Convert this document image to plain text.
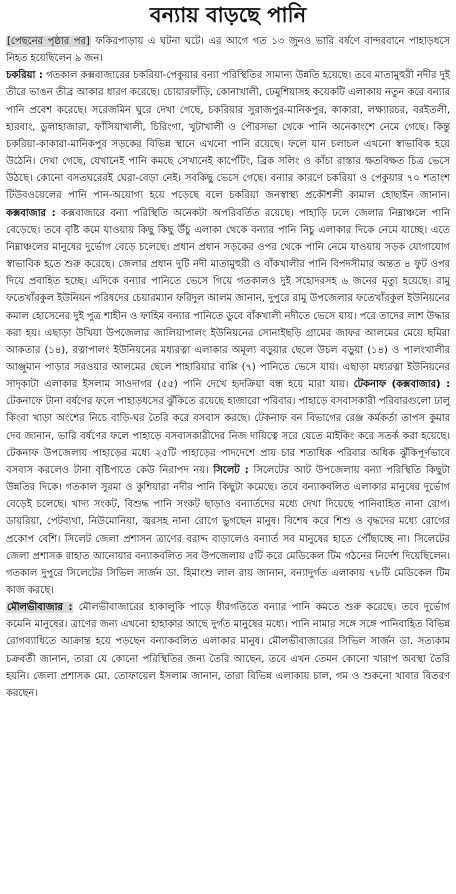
বন্যায় বাড়ছে পানি
[পেছনের পৃষ্ঠার পর] ফকিরপাড়ায় এ ঘটনা ঘটে। এর আগে গত ১৩ জুনও ভারি বর্ষণে বান্দরবানে পাহাড়ধসে নিহত হয়েছিলেন ৯ জন।
চকরিয়া : গতকাল কক্সবাজারের চকরিয়া-পেকুয়ার বন্যা পরিস্থিতির সামান্য উন্নতি হয়েছে। তবে মাতামুহুরী নদীর দুই তীরে ভাঙন তীব্র আকার ধারণ করেছে। চোয়ারফাঁড়ি, কোনাখালী, ঢেমুশিয়াসহ কয়েকটি এলাকায় নতুন করে বন্যার পানি প্রবেশ করেছে। সরেজমিন ঘুরে দেখা গেছে, চকরিয়ার সুরাজপুর-মানিকপুর, কাকারা, লক্ষ্যারচর, বরইতলী, হারবাং, ডুলাহাজারা, ফাঁসিয়াখালী, চিরিংগা, খুটাখালী ও পৌরসভা থেকে পানি অনেকাংশে নেমে গেছে। কিন্তু চকরিয়া-কাকারা-মানিকপুর সড়কের বিভিন্ন স্থানে এখনো পানি রয়েছে। ফলে যান চলাচল এখনো স্বাভাবিক হয়ে উঠেনি। দেখা গেছে, যেখানেই পানি কমছে সেখানেই কার্পেটিং, ব্রিক সলিং ও কাঁচা রাস্তার ক্ষতবিক্ষত চিত্র ভেসে উঠছে। কোনো বসতঘরেরই ঘেরা-বেড়া নেই। সবকিছু ভেসে গেছে। বন্যার কারণে চকরিয়া ও পেকুয়ার ৭০ শতাংশ টিউবওয়েলের পানি পান-অযোগ্য হয়ে পড়েছে বলে চকরিয়া জনস্বাস্থ্য প্রকৌশলী কামাল হোছাইন জানান। কক্সবাজার : কক্সবাজারে বন্যা পরিস্থিতি অনেকটা অপরিবর্তিত রয়েছে। পাহাড়ি ঢলে জেলার নিম্নাঞ্চলে পানি বেড়েছে। তবে বৃষ্টি কমে যাওয়ায় কিছু কিছু উঁচু এলাকা থেকে বন্যার পানি নিচু এলাকার দিকে নেমে যাচ্ছে। এতে নিম্নাঞ্চলের মানুষের দুর্ভোগ বেড়ে চলেছে। প্রধান প্রধান সড়কের ওপর থেকে পানি নেমে যাওয়ায় সড়ক যোগাযোগ স্বাভাবিক হতে শুরু করেছে। জেলার প্রধান দুটি নদী মাতামুহুরী ও বাঁকখালীর পানি বিপদসীমার অন্তত ৪ ফুট ওপর দিয়ে প্রবাহিত হচ্ছে। এদিকে বন্যার পানিতে ভেসে গিয়ে গতকালও দুই সহোদরসহ ৬ জনের মৃত্যু হয়েছে। রামু ফতেখাঁরকুল ইউনিয়ন পরিষদের চেয়ারম্যান ফরিদুল আলম জানান, দুপুরে রামু উপজেলার ফতেখাঁরকুল ইউনিয়নের কমাল হোসেনের দুই পুত্র শাহীন ও ফাহিম বন্যার পানিতে ডুবে বাঁকখালী নদীতে ভেসে যায়। পরে তাদের লাশ উদ্ধার করা হয়। এছাড়া উখিয়া উপজেলার জালিয়াপালং ইউনিয়নের সোনাইছড়ি গ্রামের জাফর আলমের মেয়ে ছমিরা আকতার (১৪), রত্নাপালং ইউনিয়নের মধ্যরত্না এলাকার অমূল্য বড়ুয়ার ছেলে উচল বড়ুয়া (১৪) ও পালংখালীর আঞ্জুমান পাড়ার সরওয়ার আলমের ছেলে শাহারিয়ার বাপ্পি (৭) পানিতে ভেসে যায়। এছাড়া মধ্যরত্না ইউনিয়নের সাদৃকাটা এলাকার ইসলাম সাওদাগর (৫৫) পানি দেখে হৃদক্রিয়া বন্ধ হয়ে মারা যায়। টেকনাফ (কক্সবাজার) : টেকনাফে টানা বর্ষণের ফলে পাহাড়ধসের ঝুঁকিতে রয়েছে হাজারো পরিবার। পাহাড়ে বসবাসকারী পরিবারগুলো ঢালু কিংবা খাড়া অংশের নিচে বাড়ি-ঘর তৈরি করে বসবাস করছে। টেকনাফ বন বিভাগের রেঞ্জ কর্মকর্তা তাপস কুমার দেব জানান, ভারি বর্ষণের ফলে পাহাড়ে বসবাসকারীদের নিজ দায়িত্বে সরে যেতে মাইকিং করে সতর্ক করা হয়েছে। টেকনাফ উপজেলায় পাহাড়ের মধ্যে ২৫টি পাহাড়ের পাদদেশে প্রায় চার শতাধিক পরিবার অধিক ঝুঁকিপূর্ণভাবে বসবাস করলেও টানা বৃষ্টিপাতে কেউ নিরাপদ নয়। সিলেট : সিলেটের আট উপজেলায় বন্যা পরিস্থিতি কিছুটা উন্নতির দিকে। গতকাল সুরমা ও কুশিয়ারা নদীর পানি কিছুটা কমেছে। তবে বন্যাকবলিত এলাকার মানুষের দুর্ভোগ বেড়েই চলেছে। খাদ্য সংকট, বিশুদ্ধ পানি সংকট ছাড়াও বন্যার্তদের মধ্যে দেখা দিয়েছে পানিবাহিত নানা রোগ। ডায়রিয়া, পেটব্যথা, নিউমোনিয়া, জ্বরসহ নানা রোগে ভুগছেন মানুষ। বিশেষ করে শিশু ও বৃদ্ধদের মধ্যে রোগের প্রকোপ বেশি। সিলেট জেলা প্রশাসন ত্রাণের বরাদ্দ বাড়ালেও বন্যার্ত সব মানুষের হাতে পৌঁছাচ্ছে না। সিলেটের জেলা প্রশাসক রাহাত আনোয়ার বন্যাকবলিত সব উপজেলায় ৫টি করে মেডিকেল টিম গঠনের নির্দেশ দিয়েছিলেন। গতকাল দুপুরে সিলেটের সিভিল সার্জন ডা. হিমাংশু লাল রায় জানান, বন্যাদুর্গত এলাকায় ৭৮টি মেডিকেল টিম কাজ করছে।
মৌলভীবাজার : মৌলভীবাজারের হাকালুকি পাড়ে ধীরগতিতে বন্যার পানি কমতে শুরু করেছে। তবে দুর্ভোগ কমেনি মানুষের। ত্রাণের জন্য এখনো হাহাকার আছে দুর্গত মানুষের মধ্যে। পানি নামার সঙ্গে সঙ্গে পানিবাহিত বিভিন্ন রোগব্যাধিতে আক্রান্ত হয়ে পড়ছেন বন্যাকবলিত এলাকার মানুষ। মৌলভীবাজারের সিভিল সার্জন ডা. সত্যকাম চক্রবর্তী জানান, তারা যে কোনো পরিস্থিতির জন্য তৈরি আছেন, তবে এখন তেমন কোনো খারাপ অবস্থা তৈরি হয়নি। জেলা প্রশাসক মো. তোফায়েল ইসলাম জানান, তারা বিভিন্ন এলাকায় চাল, গম ও শুকনো খাবার বিতরণ করছেন।
